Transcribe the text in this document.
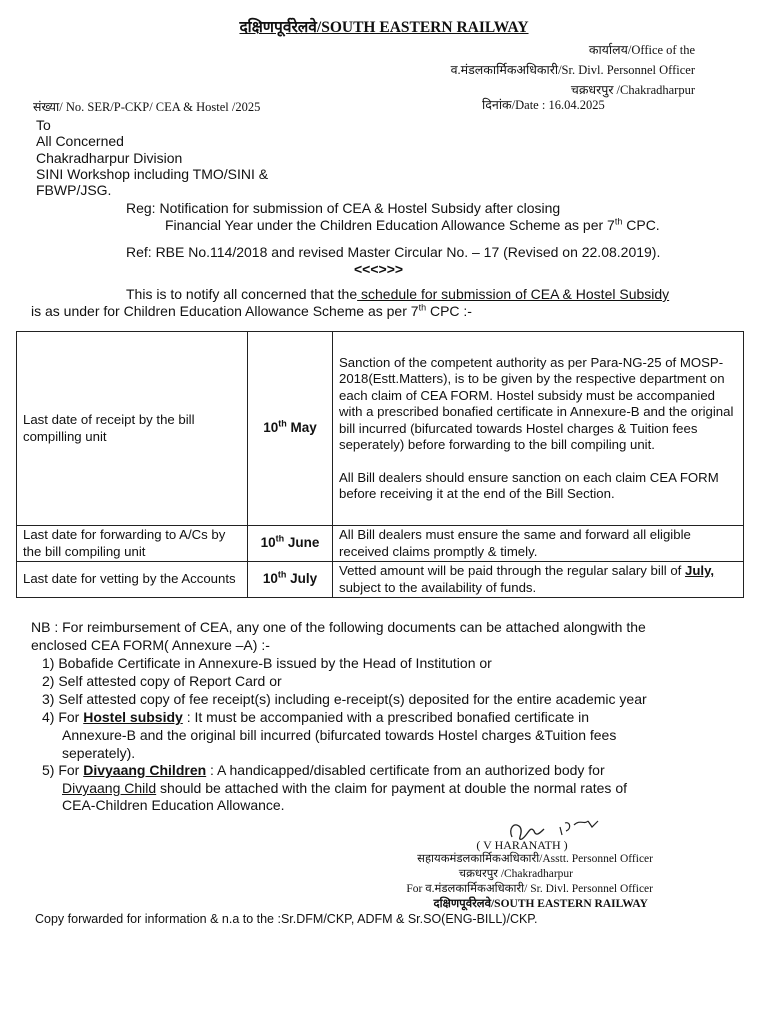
दक्षिणपूर्वरेलवे/SOUTH EASTERN RAILWAY
कार्यालय/Office of the
व.मंडलकार्मिकअधिकारी/Sr. Divl. Personnel Officer
चक्रधरपुर /Chakradharpur
संख्या/ No. SER/P-CKP/ CEA & Hostel /2025	दिनांक/Date : 16.04.2025
To
All Concerned
Chakradharpur Division
SINI Workshop including TMO/SINI &
FBWP/JSG.
Reg: Notification for submission of CEA & Hostel Subsidy after closing
Financial Year under the Children Education Allowance Scheme as per 7th CPC.
Ref: RBE No.114/2018 and revised Master Circular No. – 17 (Revised on 22.08.2019).
<<<>>>
This is to notify all concerned that the schedule for submission of CEA & Hostel Subsidy
is as under for Children Education Allowance Scheme as per 7th CPC :-
Last date of receipt by the bill compilling unit	10th May	Sanction of the competent authority as per Para-NG-25 of MOSP-2018(Estt.Matters), is to be given by the respective department on each claim of CEA FORM. Hostel subsidy must be accompanied with a prescribed bonafied certificate in Annexure-B and the original bill incurred (bifurcated towards Hostel charges & Tuition fees seperately) before forwarding to the bill compiling unit.
All Bill dealers should ensure sanction on each claim CEA FORM before receiving it at the end of the Bill Section.

Last date for forwarding to A/Cs by the bill compiling unit	10th June	All Bill dealers must ensure the same and forward all eligible received claims promptly & timely.
Last date for vetting by the Accounts	10th July	Vetted amount will be paid through the regular salary bill of July, subject to the availability of funds.
NB : For reimbursement of CEA, any one of the following documents can be attached alongwith the
enclosed CEA FORM( Annexure –A) :-
1) Bobafide Certificate in Annexure-B issued by the Head of Institution or
2) Self attested copy of Report Card or
3) Self attested copy of fee receipt(s) including e-receipt(s) deposited for the entire academic year
4) For Hostel subsidy : It must be accompanied with a prescribed bonafied certificate in
Annexure-B and the original bill incurred (bifurcated towards Hostel charges &Tuition fees
seperately).
5) For Divyaang Children : A handicapped/disabled certificate from an authorized body for
Divyaang Child should be attached with the claim for payment at double the normal rates of
CEA-Children Education Allowance.
( V HARANATH )
सहायकमंडलकार्मिकअधिकारी/Asstt. Personnel Officer
चक्रधरपुर /Chakradharpur
For व.मंडलकार्मिकअधिकारी/ Sr. Divl. Personnel Officer
दक्षिणपूर्वरेलवे/SOUTH EASTERN RAILWAY
Copy forwarded for information & n.a to the :Sr.DFM/CKP, ADFM & Sr.SO(ENG-BILL)/CKP.
